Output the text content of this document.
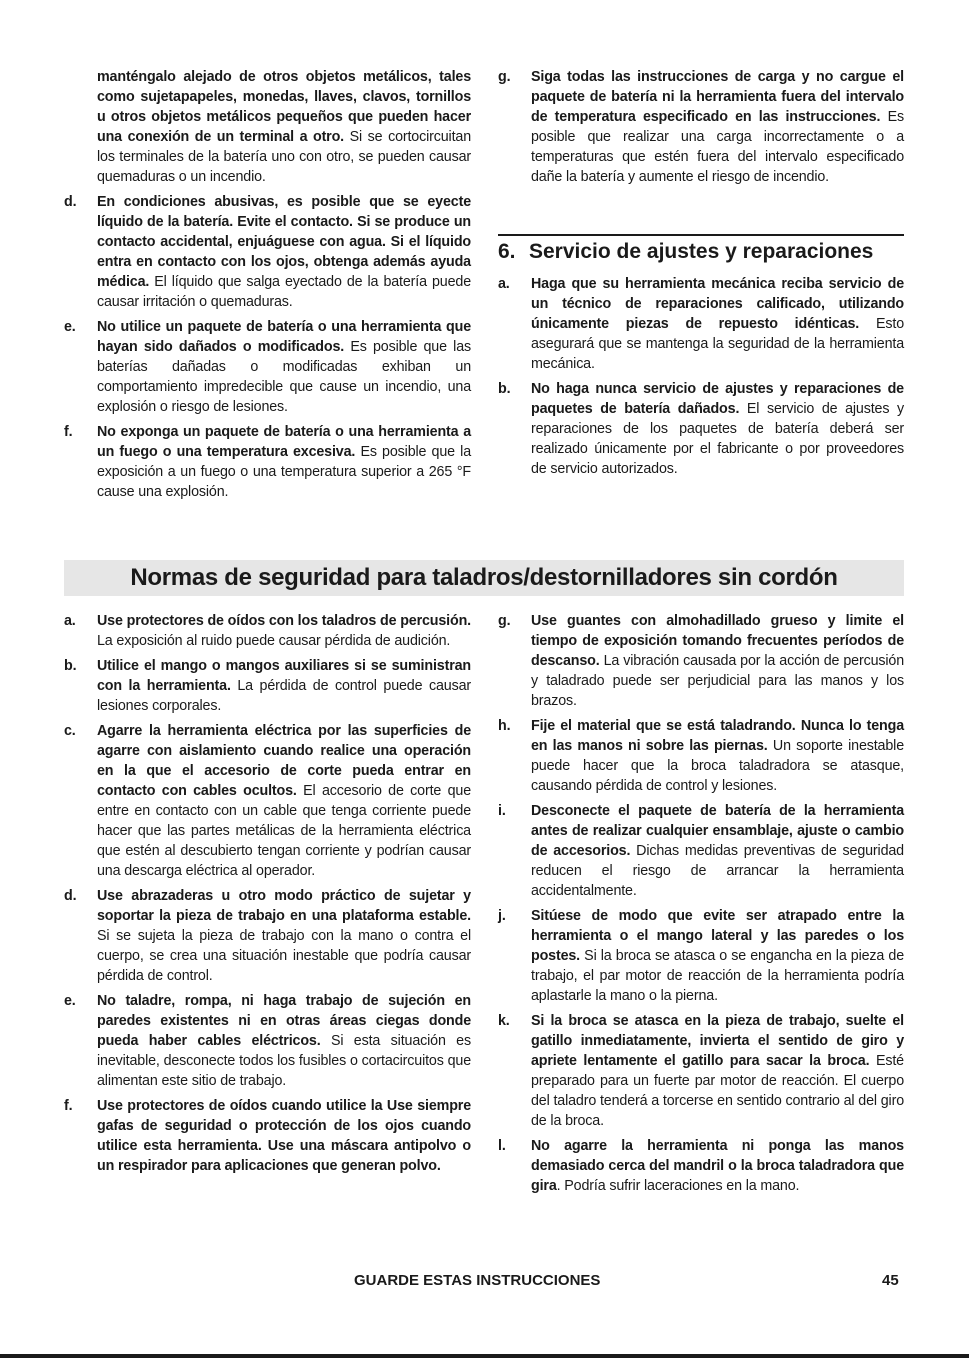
manténgalo alejado de otros objetos metálicos, tales como sujetapapeles, monedas, llaves, clavos, tornillos u otros objetos metálicos pequeños que pueden hacer una conexión de un terminal a otro. Si se cortocircuitan los terminales de la batería uno con otro, se pueden causar quemaduras o un incendio.
d. En condiciones abusivas, es posible que se eyecte líquido de la batería. Evite el contacto. Si se produce un contacto accidental, enjuáguese con agua. Si el líquido entra en contacto con los ojos, obtenga además ayuda médica. El líquido que salga eyectado de la batería puede causar irritación o quemaduras.
e. No utilice un paquete de batería o una herramienta que hayan sido dañados o modificados. Es posible que las baterías dañadas o modificadas exhiban un comportamiento impredecible que cause un incendio, una explosión o riesgo de lesiones.
f. No exponga un paquete de batería o una herramienta a un fuego o una temperatura excesiva. Es posible que la exposición a un fuego o una temperatura superior a 265 °F cause una explosión.
g. Siga todas las instrucciones de carga y no cargue el paquete de batería ni la herramienta fuera del intervalo de temperatura especificado en las instrucciones. Es posible que realizar una carga incorrectamente o a temperaturas que estén fuera del intervalo especificado dañe la batería y aumente el riesgo de incendio.
6. Servicio de ajustes y reparaciones
a. Haga que su herramienta mecánica reciba servicio de un técnico de reparaciones calificado, utilizando únicamente piezas de repuesto idénticas. Esto asegurará que se mantenga la seguridad de la herramienta mecánica.
b. No haga nunca servicio de ajustes y reparaciones de paquetes de batería dañados. El servicio de ajustes y reparaciones de los paquetes de batería deberá ser realizado únicamente por el fabricante o por proveedores de servicio autorizados.
Normas de seguridad para taladros/destornilladores sin cordón
a. Use protectores de oídos con los taladros de percusión. La exposición al ruido puede causar pérdida de audición.
b. Utilice el mango o mangos auxiliares si se suministran con la herramienta. La pérdida de control puede causar lesiones corporales.
c. Agarre la herramienta eléctrica por las superficies de agarre con aislamiento cuando realice una operación en la que el accesorio de corte pueda entrar en contacto con cables ocultos. El accesorio de corte que entre en contacto con un cable que tenga corriente puede hacer que las partes metálicas de la herramienta eléctrica que estén al descubierto tengan corriente y podrían causar una descarga eléctrica al operador.
d. Use abrazaderas u otro modo práctico de sujetar y soportar la pieza de trabajo en una plataforma estable. Si se sujeta la pieza de trabajo con la mano o contra el cuerpo, se crea una situación inestable que podría causar pérdida de control.
e. No taladre, rompa, ni haga trabajo de sujeción en paredes existentes ni en otras áreas ciegas donde pueda haber cables eléctricos. Si esta situación es inevitable, desconecte todos los fusibles o cortacircuitos que alimentan este sitio de trabajo.
f. Use protectores de oídos cuando utilice la Use siempre gafas de seguridad o protección de los ojos cuando utilice esta herramienta. Use una máscara antipolvo o un respirador para aplicaciones que generan polvo.
g. Use guantes con almohadillado grueso y limite el tiempo de exposición tomando frecuentes períodos de descanso. La vibración causada por la acción de percusión y taladrado puede ser perjudicial para las manos y los brazos.
h. Fije el material que se está taladrando. Nunca lo tenga en las manos ni sobre las piernas. Un soporte inestable puede hacer que la broca taladradora se atasque, causando pérdida de control y lesiones.
i. Desconecte el paquete de batería de la herramienta antes de realizar cualquier ensamblaje, ajuste o cambio de accesorios. Dichas medidas preventivas de seguridad reducen el riesgo de arrancar la herramienta accidentalmente.
j. Sitúese de modo que evite ser atrapado entre la herramienta o el mango lateral y las paredes o los postes. Si la broca se atasca o se engancha en la pieza de trabajo, el par motor de reacción de la herramienta podría aplastarle la mano o la pierna.
k. Si la broca se atasca en la pieza de trabajo, suelte el gatillo inmediatamente, invierta el sentido de giro y apriete lentamente el gatillo para sacar la broca. Esté preparado para un fuerte par motor de reacción. El cuerpo del taladro tenderá a torcerse en sentido contrario al del giro de la broca.
l. No agarre la herramienta ni ponga las manos demasiado cerca del mandril o la broca taladradora que gira. Podría sufrir laceraciones en la mano.
GUARDE ESTAS INSTRUCCIONES	45
